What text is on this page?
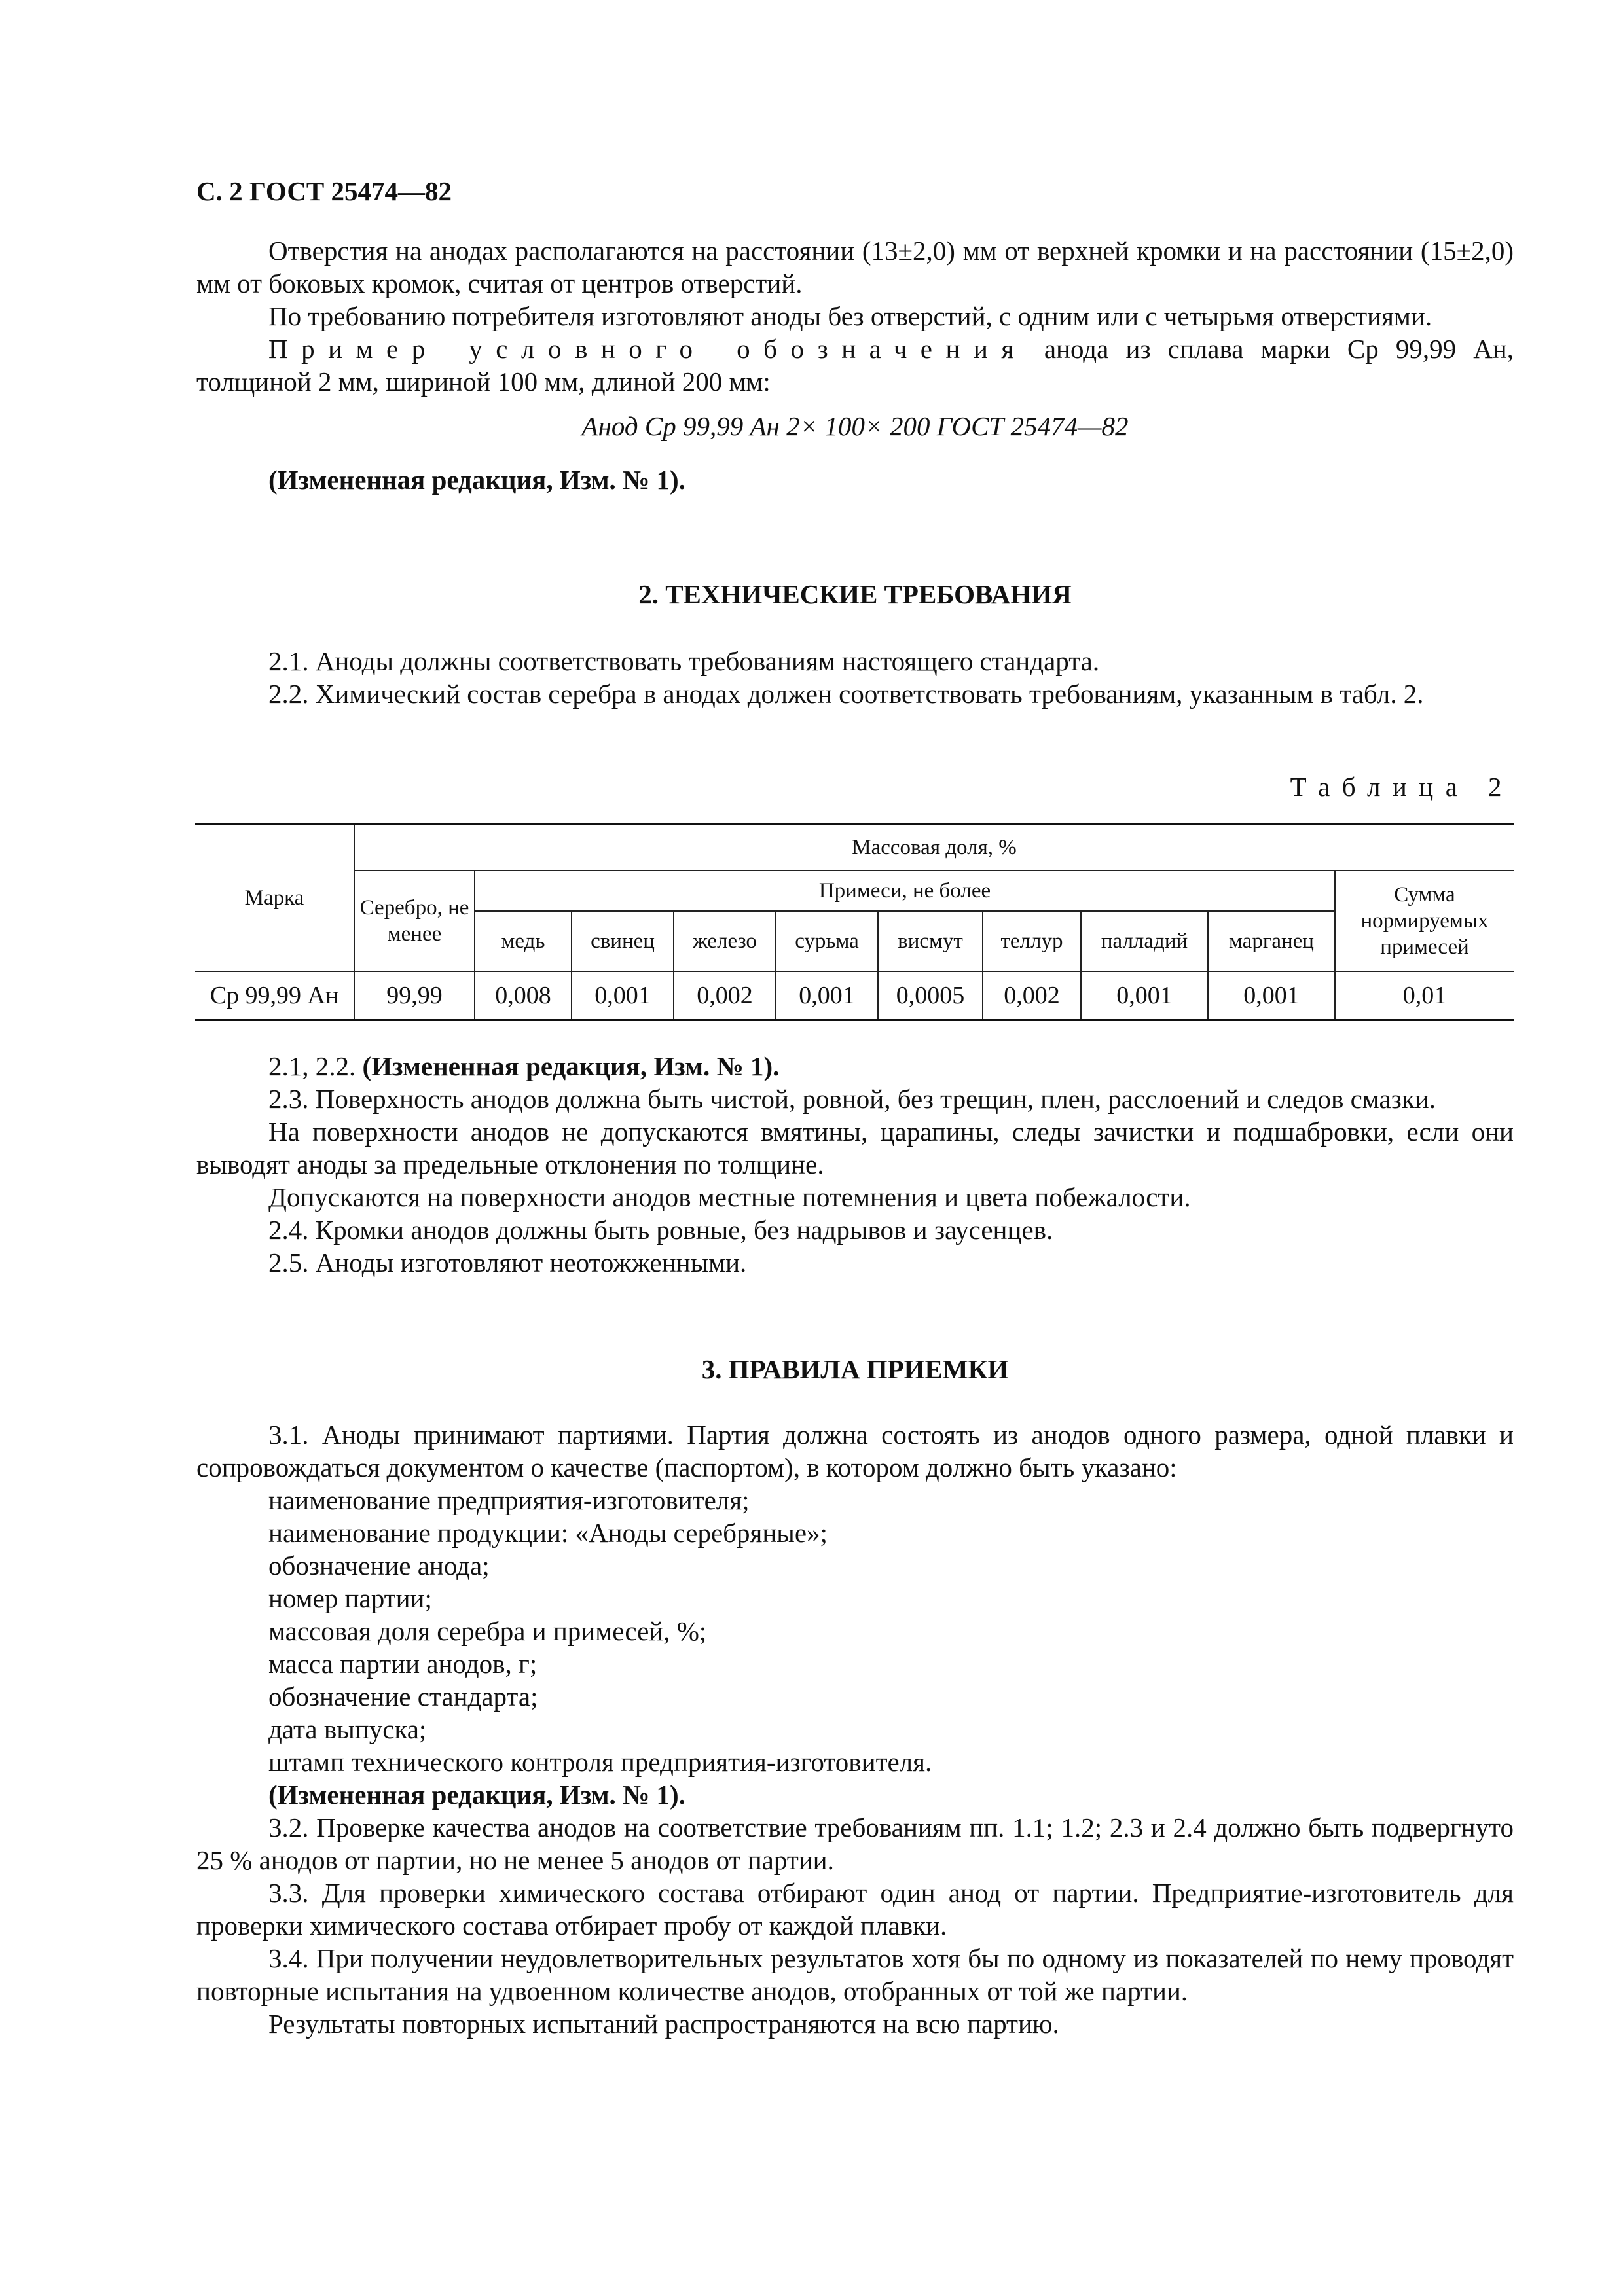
С. 2 ГОСТ 25474—82

Отверстия на анодах располагаются на расстоянии (13±2,0) мм от верхней кромки и на расстоянии (15±2,0) мм от боковых кромок, считая от центров отверстий.

По требованию потребителя изготовляют аноды без отверстий, с одним или с четырьмя отверстиями.

Пример условного обозначения анода из сплава марки Ср 99,99 Ан, толщиной 2 мм, шириной 100 мм, длиной 200 мм:

Анод Ср 99,99 Ан 2× 100× 200 ГОСТ 25474—82

(Измененная редакция, Изм. № 1).

2. ТЕХНИЧЕСКИЕ ТРЕБОВАНИЯ

2.1. Аноды должны соответствовать требованиям настоящего стандарта.

2.2. Химический состав серебра в анодах должен соответствовать требованиям, указанным в табл. 2.

Таблица 2
Марка	Массовая доля, %									
	Серебро, не менее	Примеси, не более								Сумма нормируемых примесей
		медь	свинец	железо	сурьма	висмут	теллур	палладий	марганец	
Ср 99,99 Ан	99,99	0,008	0,001	0,002	0,001	0,0005	0,002	0,001	0,001	0,01

2.1, 2.2. (Измененная редакция, Изм. № 1).

2.3. Поверхность анодов должна быть чистой, ровной, без трещин, плен, расслоений и следов смазки.

На поверхности анодов не допускаются вмятины, царапины, следы зачистки и подшабровки, если они выводят аноды за предельные отклонения по толщине.

Допускаются на поверхности анодов местные потемнения и цвета побежалости.

2.4. Кромки анодов должны быть ровные, без надрывов и заусенцев.

2.5. Аноды изготовляют неотожженными.

3. ПРАВИЛА ПРИЕМКИ

3.1. Аноды принимают партиями. Партия должна состоять из анодов одного размера, одной плавки и сопровождаться документом о качестве (паспортом), в котором должно быть указано:

наименование предприятия-изготовителя;

наименование продукции: «Аноды серебряные»;

обозначение анода;

номер партии;

массовая доля серебра и примесей, %;

масса партии анодов, г;

обозначение стандарта;

дата выпуска;

штамп технического контроля предприятия-изготовителя.

(Измененная редакция, Изм. № 1).

3.2. Проверке качества анодов на соответствие требованиям пп. 1.1; 1.2; 2.3 и 2.4 должно быть подвергнуто 25 % анодов от партии, но не менее 5 анодов от партии.

3.3. Для проверки химического состава отбирают один анод от партии. Предприятие-изготовитель для проверки химического состава отбирает пробу от каждой плавки.

3.4. При получении неудовлетворительных результатов хотя бы по одному из показателей по нему проводят повторные испытания на удвоенном количестве анодов, отобранных от той же партии.

Результаты повторных испытаний распространяются на всю партию.
